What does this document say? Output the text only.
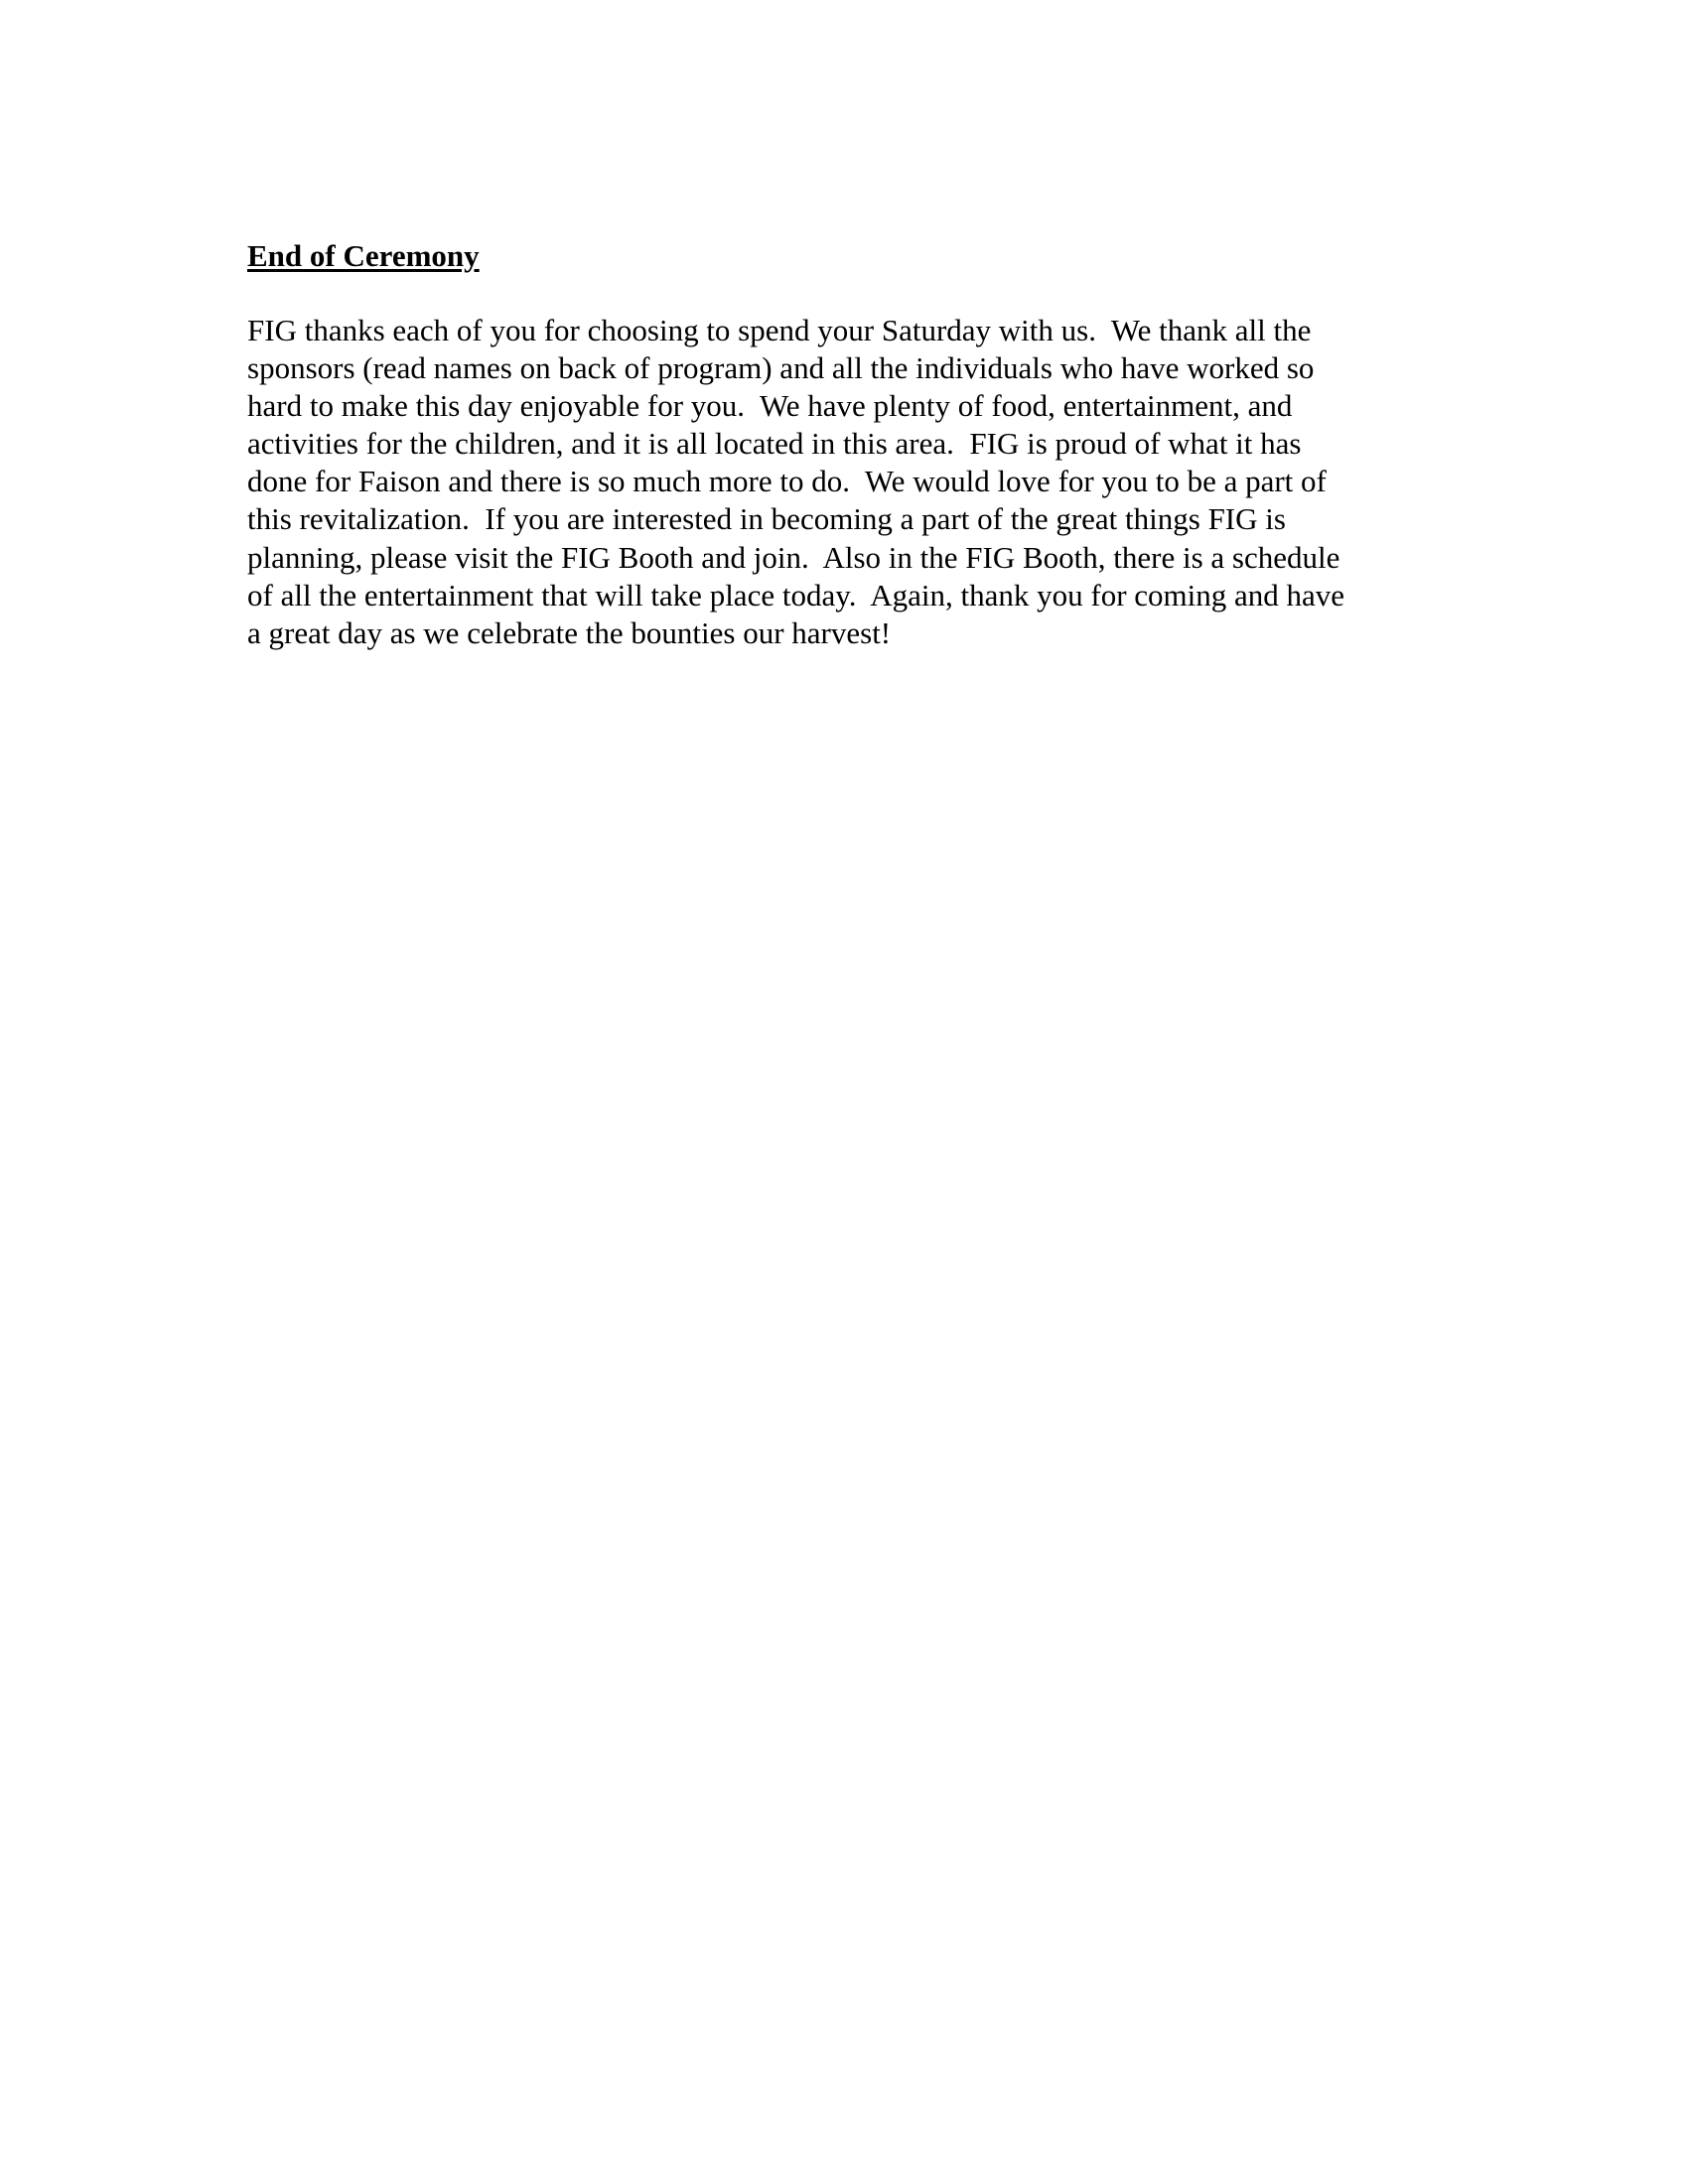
End of Ceremony

FIG thanks each of you for choosing to spend your Saturday with us.  We thank all the
sponsors (read names on back of program) and all the individuals who have worked so
hard to make this day enjoyable for you.  We have plenty of food, entertainment, and
activities for the children, and it is all located in this area.  FIG is proud of what it has
done for Faison and there is so much more to do.  We would love for you to be a part of
this revitalization.  If you are interested in becoming a part of the great things FIG is
planning, please visit the FIG Booth and join.  Also in the FIG Booth, there is a schedule
of all the entertainment that will take place today.  Again, thank you for coming and have
a great day as we celebrate the bounties our harvest!
